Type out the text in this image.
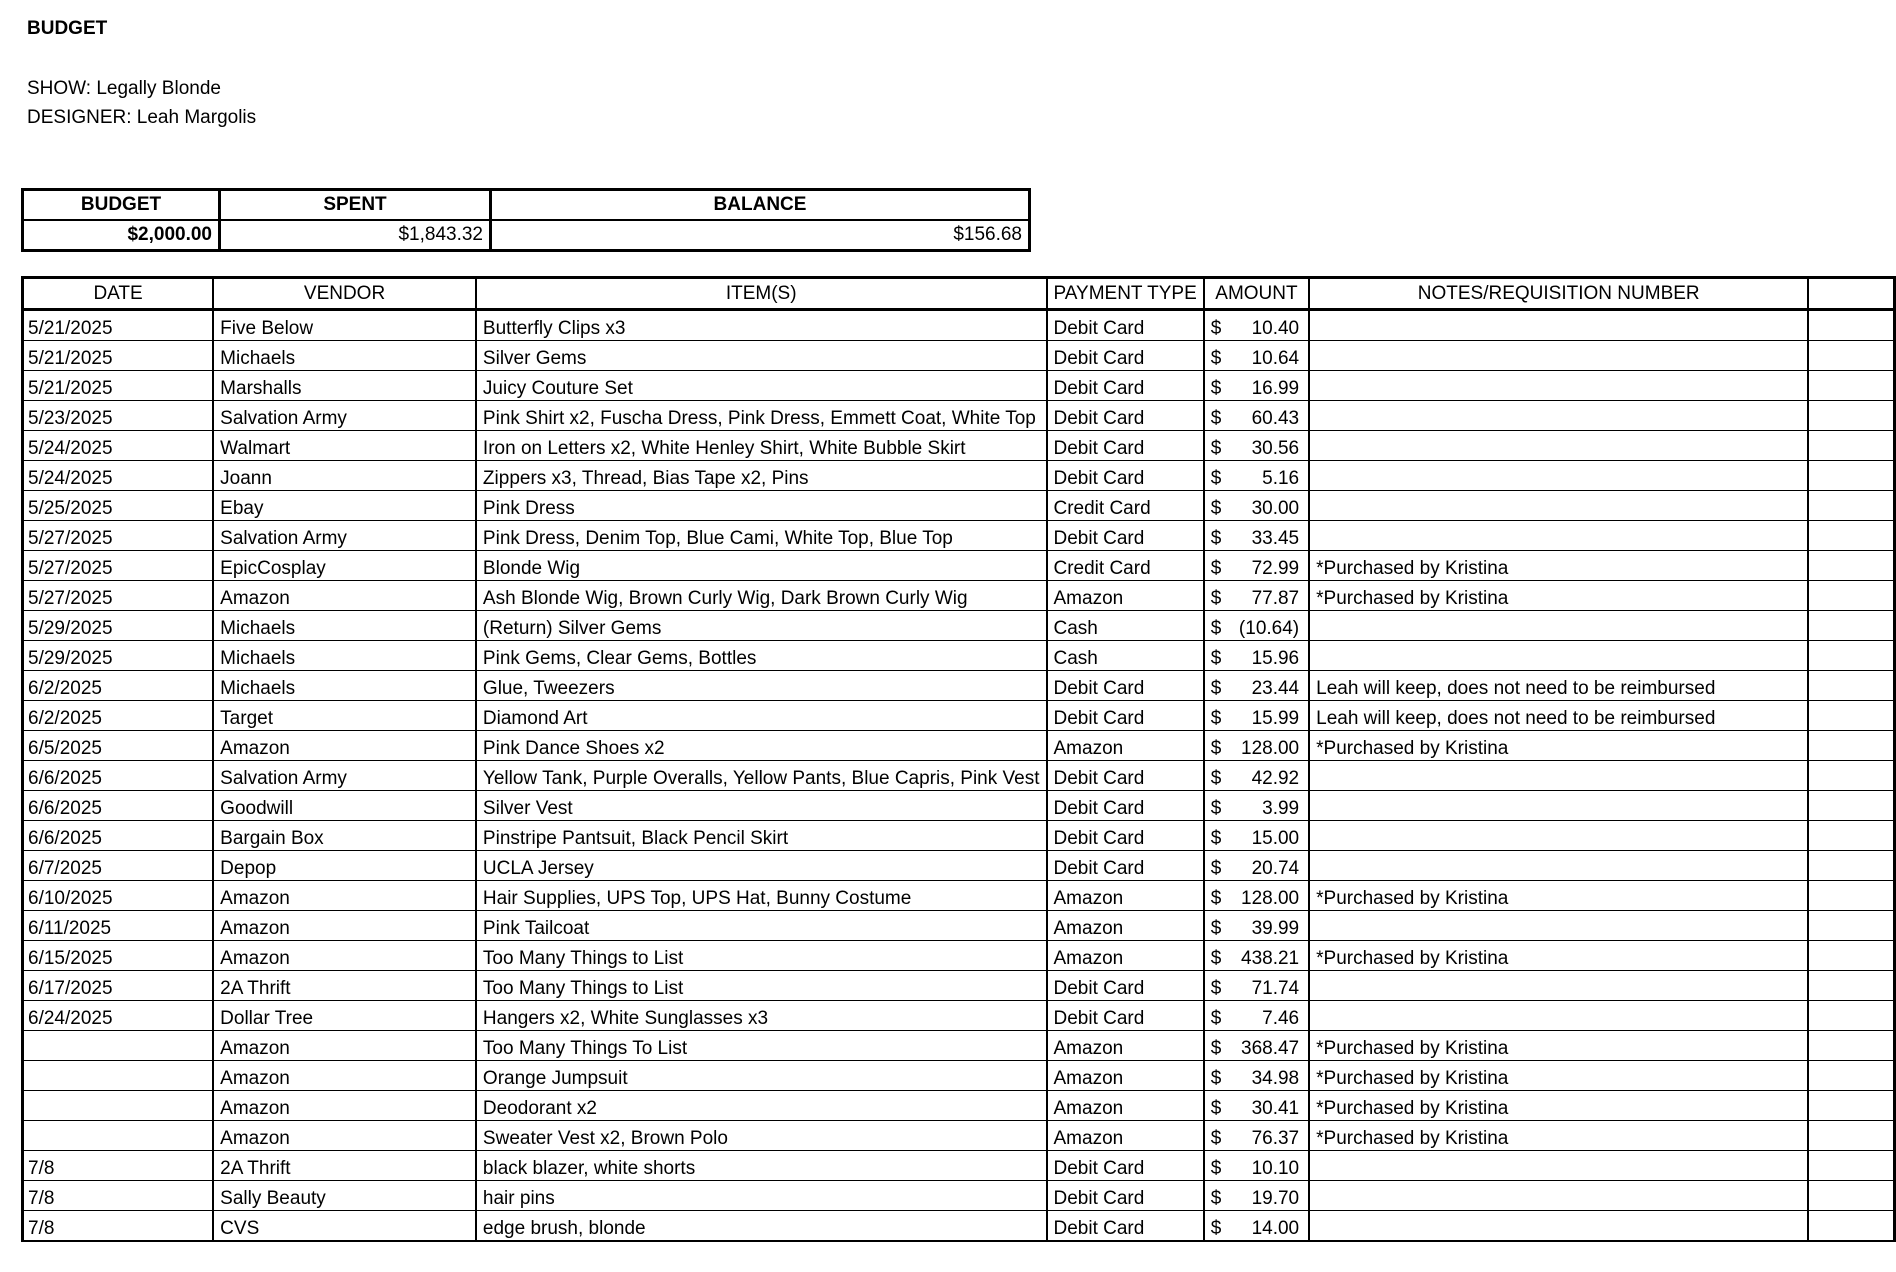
BUDGET
SHOW: Legally Blonde
DESIGNER: Leah Margolis
BUDGET	SPENT	BALANCE
$2,000.00	$1,843.32	$156.68
DATE	VENDOR	ITEM(S)	PAYMENT TYPE	AMOUNT	NOTES/REQUISITION NUMBER	
5/21/2025	Five Below	Butterfly Clips x3	Debit Card	$ 10.40		

5/21/2025	Michaels	Silver Gems	Debit Card	$ 10.64		

5/21/2025	Marshalls	Juicy Couture Set	Debit Card	$ 16.99		

5/23/2025	Salvation Army	Pink Shirt x2, Fuscha Dress, Pink Dress, Emmett Coat, White Top	Debit Card	$ 60.43		

5/24/2025	Walmart	Iron on Letters x2, White Henley Shirt, White Bubble Skirt	Debit Card	$ 30.56		

5/24/2025	Joann	Zippers x3, Thread, Bias Tape x2, Pins	Debit Card	$ 5.16		

5/25/2025	Ebay	Pink Dress	Credit Card	$ 30.00		

5/27/2025	Salvation Army	Pink Dress, Denim Top, Blue Cami, White Top, Blue Top	Debit Card	$ 33.45		

5/27/2025	EpicCosplay	Blonde Wig	Credit Card	$ 72.99	*Purchased by Kristina	
5/27/2025	Amazon	Ash Blonde Wig, Brown Curly Wig, Dark Brown Curly Wig	Amazon	$ 77.87	*Purchased by Kristina	
5/29/2025	Michaels	(Return) Silver Gems	Cash	$ (10.64)		

5/29/2025	Michaels	Pink Gems, Clear Gems, Bottles	Cash	$ 15.96		

6/2/2025	Michaels	Glue, Tweezers	Debit Card	$ 23.44	Leah will keep, does not need to be reimbursed	
6/2/2025	Target	Diamond Art	Debit Card	$ 15.99	Leah will keep, does not need to be reimbursed	
6/5/2025	Amazon	Pink Dance Shoes x2	Amazon	$ 128.00	*Purchased by Kristina	
6/6/2025	Salvation Army	Yellow Tank, Purple Overalls, Yellow Pants, Blue Capris, Pink Vest	Debit Card	$ 42.92		

6/6/2025	Goodwill	Silver Vest	Debit Card	$ 3.99		

6/6/2025	Bargain Box	Pinstripe Pantsuit, Black Pencil Skirt	Debit Card	$ 15.00		

6/7/2025	Depop	UCLA Jersey	Debit Card	$ 20.74		

6/10/2025	Amazon	Hair Supplies, UPS Top, UPS Hat, Bunny Costume	Amazon	$ 128.00	*Purchased by Kristina	
6/11/2025	Amazon	Pink Tailcoat	Amazon	$ 39.99		

6/15/2025	Amazon	Too Many Things to List	Amazon	$ 438.21	*Purchased by Kristina	
6/17/2025	2A Thrift	Too Many Things to List	Debit Card	$ 71.74		

6/24/2025	Dollar Tree	Hangers x2, White Sunglasses x3	Debit Card	$ 7.46		

	Amazon	Too Many Things To List	Amazon	$ 368.47	*Purchased by Kristina	
	Amazon	Orange Jumpsuit	Amazon	$ 34.98	*Purchased by Kristina	
	Amazon	Deodorant x2	Amazon	$ 30.41	*Purchased by Kristina	
	Amazon	Sweater Vest x2, Brown Polo	Amazon	$ 76.37	*Purchased by Kristina	
7/8	2A Thrift	black blazer, white shorts	Debit Card	$ 10.10		

7/8	Sally Beauty	hair pins	Debit Card	$ 19.70		

7/8	CVS	edge brush, blonde	Debit Card	$ 14.00		
